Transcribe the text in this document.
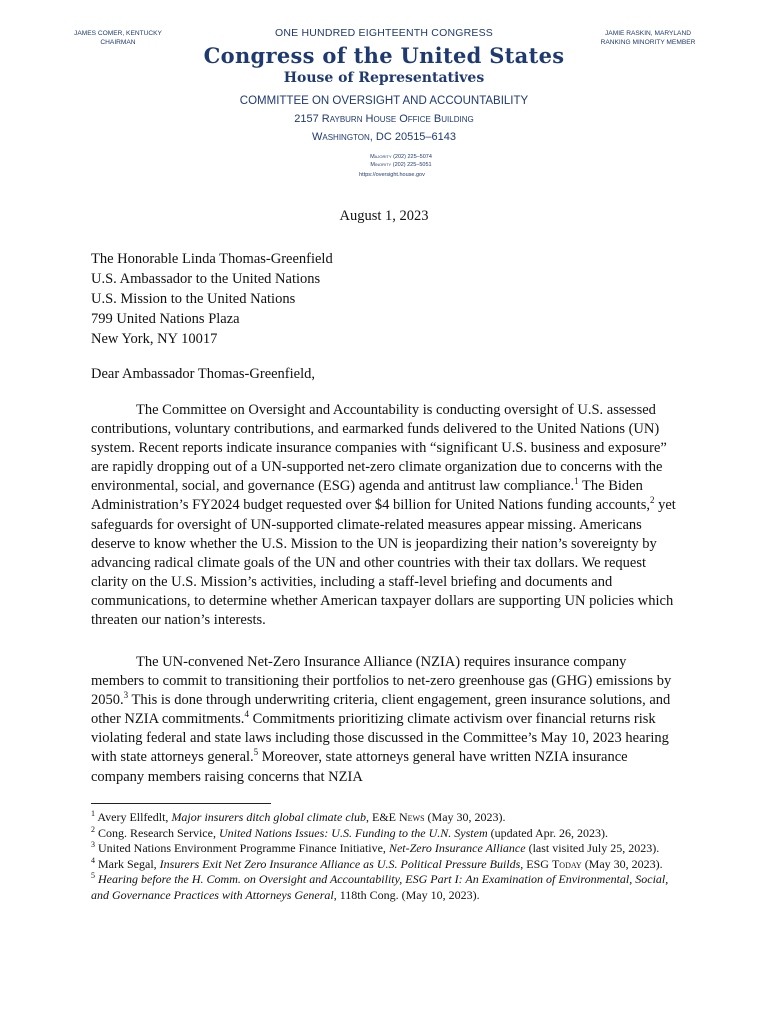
JAMES COMER, KENTUCKY
CHAIRMAN
ONE HUNDRED EIGHTEENTH CONGRESS
Congress of the United States
House of Representatives
COMMITTEE ON OVERSIGHT AND ACCOUNTABILITY
2157 Rayburn House Office Building
Washington, DC 20515–6143
Majority (202) 225–5074
Minority (202) 225–5051
https://oversight.house.gov
JAMIE RASKIN, MARYLAND
RANKING MINORITY MEMBER
August 1, 2023
The Honorable Linda Thomas-Greenfield
U.S. Ambassador to the United Nations
U.S. Mission to the United Nations
799 United Nations Plaza
New York, NY 10017
Dear Ambassador Thomas-Greenfield,
The Committee on Oversight and Accountability is conducting oversight of U.S. assessed contributions, voluntary contributions, and earmarked funds delivered to the United Nations (UN) system. Recent reports indicate insurance companies with “significant U.S. business and exposure” are rapidly dropping out of a UN-supported net-zero climate organization due to concerns with the environmental, social, and governance (ESG) agenda and antitrust law compliance.$^1$ The Biden Administration’s FY2024 budget requested over $4 billion for United Nations funding accounts,$^2$ yet safeguards for oversight of UN-supported climate-related measures appear missing. Americans deserve to know whether the U.S. Mission to the UN is jeopardizing their nation’s sovereignty by advancing radical climate goals of the UN and other countries with their tax dollars. We request clarity on the U.S. Mission’s activities, including a staff-level briefing and documents and communications, to determine whether American taxpayer dollars are supporting UN policies which threaten our nation’s interests.
The UN-convened Net-Zero Insurance Alliance (NZIA) requires insurance company members to commit to transitioning their portfolios to net-zero greenhouse gas (GHG) emissions by 2050.$^3$ This is done through underwriting criteria, client engagement, green insurance solutions, and other NZIA commitments.$^4$ Commitments prioritizing climate activism over financial returns risk violating federal and state laws including those discussed in the Committee’s May 10, 2023 hearing with state attorneys general.$^5$ Moreover, state attorneys general have written NZIA insurance company members raising concerns that NZIA

$^1$ Avery Ellfedlt, Major insurers ditch global climate club, E&E News (May 30, 2023).

$^2$ Cong. Research Service, United Nations Issues: U.S. Funding to the U.N. System (updated Apr. 26, 2023).

$^3$ United Nations Environment Programme Finance Initiative, Net-Zero Insurance Alliance (last visited July 25, 2023).

$^4$ Mark Segal, Insurers Exit Net Zero Insurance Alliance as U.S. Political Pressure Builds, ESG Today (May 30, 2023).

$^5$ Hearing before the H. Comm. on Oversight and Accountability, ESG Part I: An Examination of Environmental, Social, and Governance Practices with Attorneys General, 118th Cong. (May 10, 2023).
